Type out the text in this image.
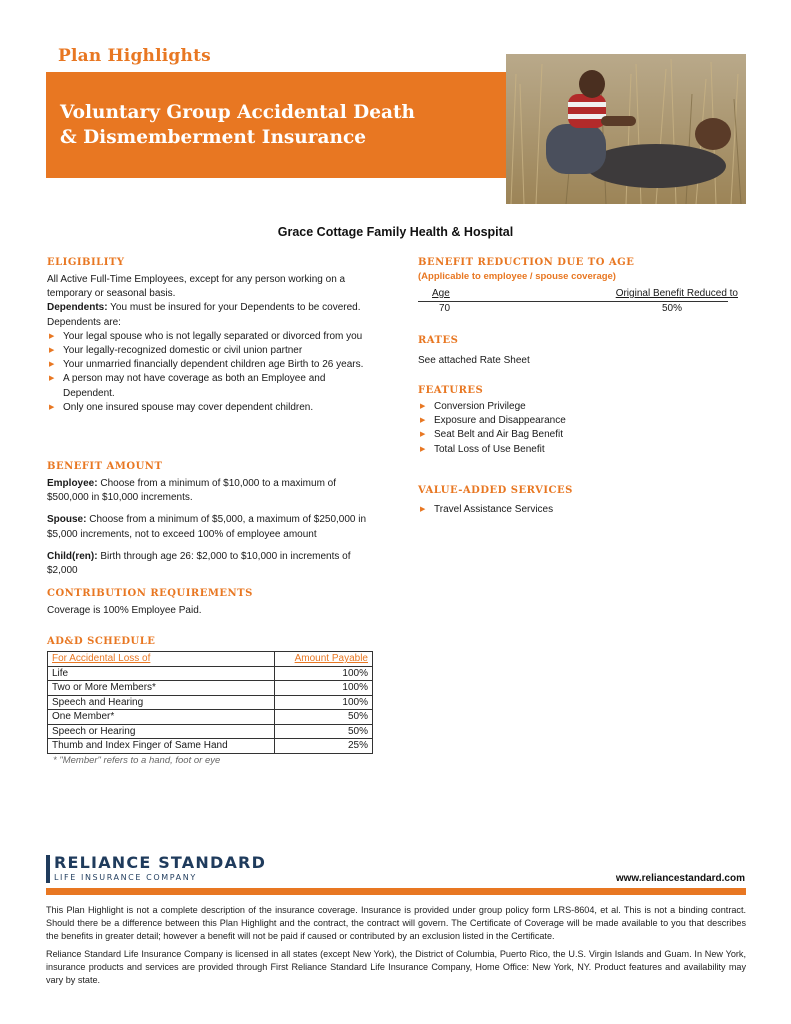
Plan Highlights
Voluntary Group Accidental Death
& Dismemberment Insurance
Grace Cottage Family Health & Hospital
ELIGIBILITY
All Active Full-Time Employees, except for any person working on a temporary or seasonal basis.
Dependents: You must be insured for your Dependents to be covered. Dependents are:
▶ Your legal spouse who is not legally separated or divorced from you
▶ Your legally-recognized domestic or civil union partner
▶ Your unmarried financially dependent children age Birth to 26 years.
▶ A person may not have coverage as both an Employee and Dependent.
▶ Only one insured spouse may cover dependent children.
BENEFIT AMOUNT
Employee: Choose from a minimum of $10,000 to a maximum of $500,000 in $10,000 increments.
Spouse: Choose from a minimum of $5,000, a maximum of $250,000 in $5,000 increments, not to exceed 100% of employee amount
Child(ren): Birth through age 26: $2,000 to $10,000 in increments of $2,000
CONTRIBUTION REQUIREMENTS
Coverage is 100% Employee Paid.
AD&D SCHEDULE
For Accidental Loss of	Amount Payable
Life	100%
Two or More Members*	100%
Speech and Hearing	100%
One Member*	50%
Speech or Hearing	50%
Thumb and Index Finger of Same Hand	25%
* "Member" refers to a hand, foot or eye
BENEFIT REDUCTION DUE TO AGE
(Applicable to employee / spouse coverage)
Age	Original Benefit Reduced to
70	50%
RATES
See attached Rate Sheet
FEATURES
▶ Conversion Privilege
▶ Exposure and Disappearance
▶ Seat Belt and Air Bag Benefit
▶ Total Loss of Use Benefit
VALUE-ADDED SERVICES
▶ Travel Assistance Services
RELIANCE STANDARD
LIFE INSURANCE COMPANY	www.reliancestandard.com
This Plan Highlight is not a complete description of the insurance coverage. Insurance is provided under group policy form LRS-8604, et al. This is not a binding contract. Should there be a difference between this Plan Highlight and the contract, the contract will govern. The Certificate of Coverage will be made available to you that describes the benefits in greater detail; however a benefit will not be paid if caused or contributed by an exclusion listed in the Certificate.
Reliance Standard Life Insurance Company is licensed in all states (except New York), the District of Columbia, Puerto Rico, the U.S. Virgin Islands and Guam. In New York, insurance products and services are provided through First Reliance Standard Life Insurance Company, Home Office: New York, NY. Product features and availability may vary by state.
